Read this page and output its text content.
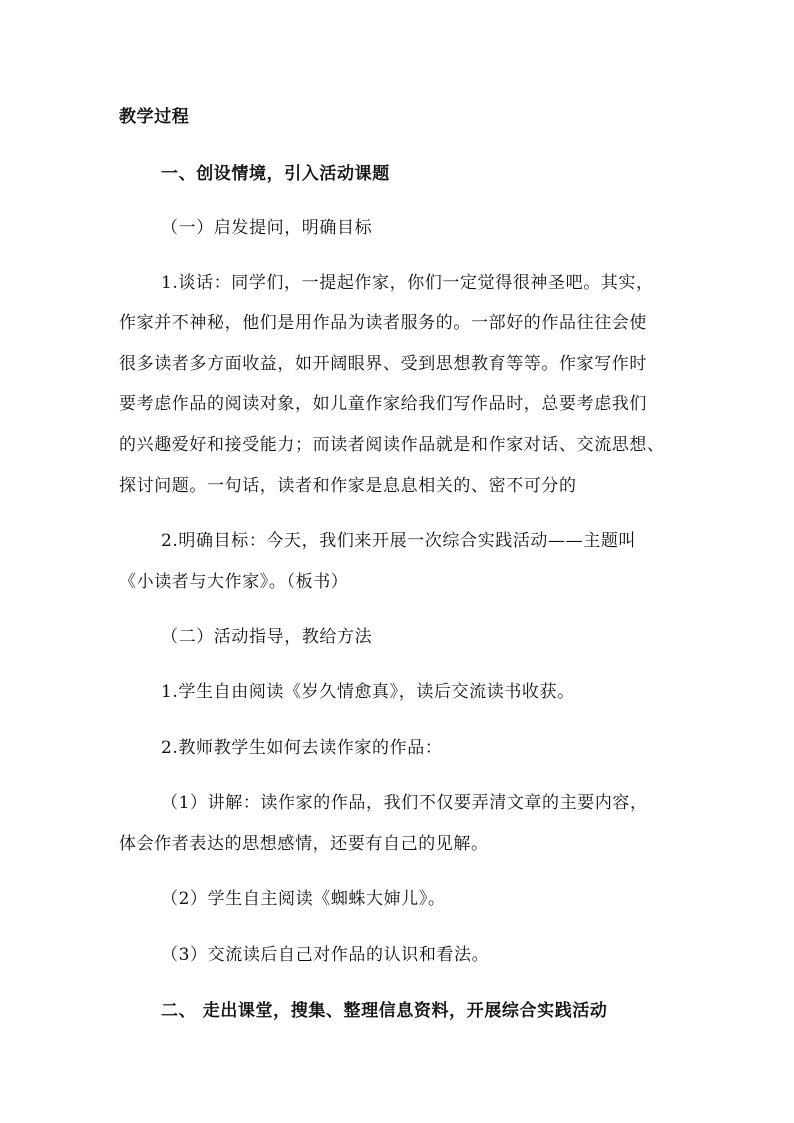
教学过程
一、创设情境，引入活动课题
（一）启发提问，明确目标
1.谈话：同学们，一提起作家，你们一定觉得很神圣吧。其实，
作家并不神秘，他们是用作品为读者服务的。一部好的作品往往会使
很多读者多方面收益，如开阔眼界、受到思想教育等等。作家写作时
要考虑作品的阅读对象，如儿童作家给我们写作品时，总要考虑我们
的兴趣爱好和接受能力；而读者阅读作品就是和作家对话、交流思想、
探讨问题。一句话，读者和作家是息息相关的、密不可分的
2.明确目标：今天，我们来开展一次综合实践活动——主题叫
《小读者与大作家》。（板书）
（二）活动指导，教给方法
1.学生自由阅读《岁久情愈真》，读后交流读书收获。
2.教师教学生如何去读作家的作品：
（1）讲解：读作家的作品，我们不仅要弄清文章的主要内容，
体会作者表达的思想感情，还要有自己的见解。
（2）学生自主阅读《蜘蛛大婶儿》。
（3）交流读后自己对作品的认识和看法。
二、 走出课堂，搜集、整理信息资料，开展综合实践活动
